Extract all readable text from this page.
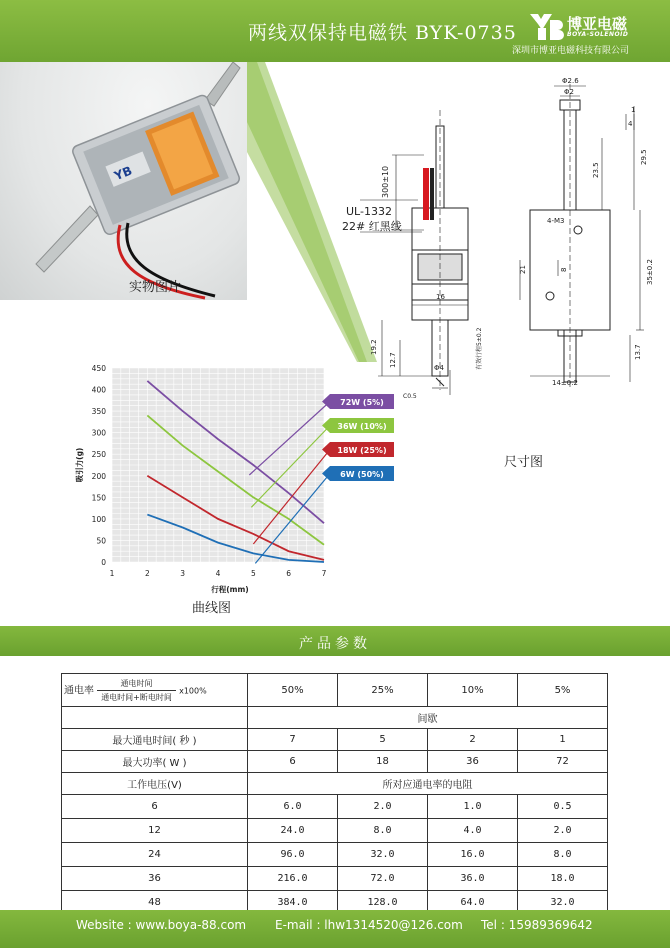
YB
实物图片
两线双保持电磁铁 BYK-0735	博亚电磁
BOYA-SOLENOID
深圳市博亚电磁科技有限公司
300±10
UL-1332
22# 红黑线
16
19.2
12.7	Φ4
C0.5
有效行程5±0.2
Φ2.6
Φ2
1
4
23.5
29.5
4-M3
21	8	35±0.2
13.7
14±0.2
尺寸图
0
50
100
150
200
250
300
350
400
450
1	2	3	4	5	6	7
行程(mm)
吸引力(g)
72W (5%)
36W (10%)
18W (25%)
6W (50%)
曲线图
产品参数
通电率 $\frac{\text{通电时间}}{\text{通电时间+断电时间}} x100\%$	50%	25%	10%	5%
	间歇			
最大通电时间( 秒 )	7	5	2	1
最大功率( W )	6	18	36	72
工作电压(V)	所对应通电率的电阻			
6	6.0	2.0	1.0	0.5
12	24.0	8.0	4.0	2.0
24	96.0	32.0	16.0	8.0
36	216.0	72.0	36.0	18.0
48	384.0	128.0	64.0	32.0
Website : www.boya-88.com E-mail : lhw1314520@126.com Tel : 15989369642
